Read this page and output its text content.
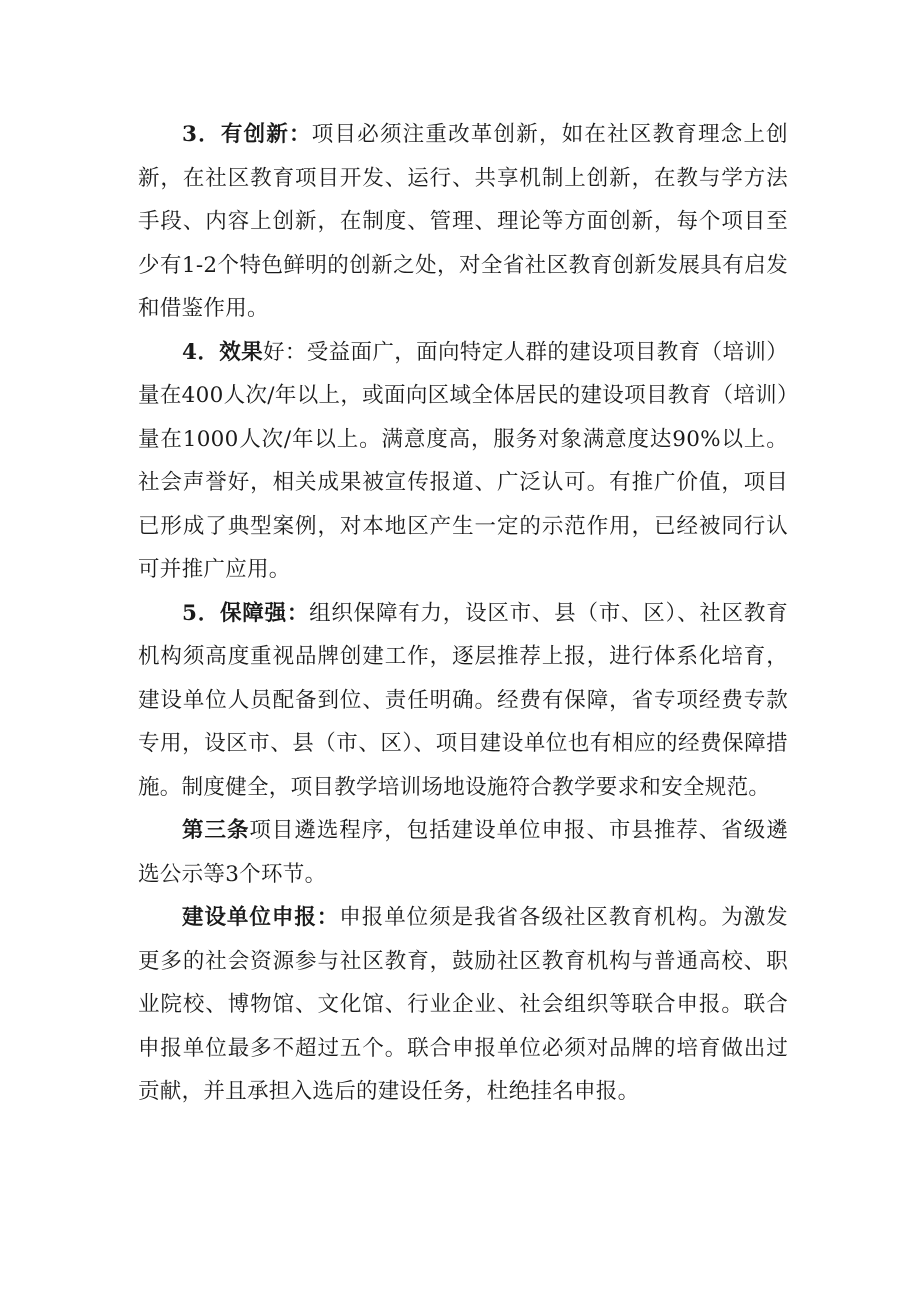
3．有创新：项目必须注重改革创新，如在社区教育理念上创新，在社区教育项目开发、运行、共享机制上创新，在教与学方法手段、内容上创新，在制度、管理、理论等方面创新，每个项目至少有1-2个特色鲜明的创新之处，对全省社区教育创新发展具有启发和借鉴作用。

4．效果好：受益面广，面向特定人群的建设项目教育（培训）量在400人次/年以上，或面向区域全体居民的建设项目教育（培训）量在1000人次/年以上。满意度高，服务对象满意度达90%以上。社会声誉好，相关成果被宣传报道、广泛认可。有推广价值，项目已形成了典型案例，对本地区产生一定的示范作用，已经被同行认可并推广应用。

5．保障强：组织保障有力，设区市、县（市、区）、社区教育机构须高度重视品牌创建工作，逐层推荐上报，进行体系化培育，建设单位人员配备到位、责任明确。经费有保障，省专项经费专款专用，设区市、县（市、区）、项目建设单位也有相应的经费保障措施。制度健全，项目教学培训场地设施符合教学要求和安全规范。

第三条项目遴选程序，包括建设单位申报、市县推荐、省级遴选公示等3个环节。

建设单位申报：申报单位须是我省各级社区教育机构。为激发更多的社会资源参与社区教育，鼓励社区教育机构与普通高校、职业院校、博物馆、文化馆、行业企业、社会组织等联合申报。联合申报单位最多不超过五个。联合申报单位必须对品牌的培育做出过贡献，并且承担入选后的建设任务，杜绝挂名申报。
